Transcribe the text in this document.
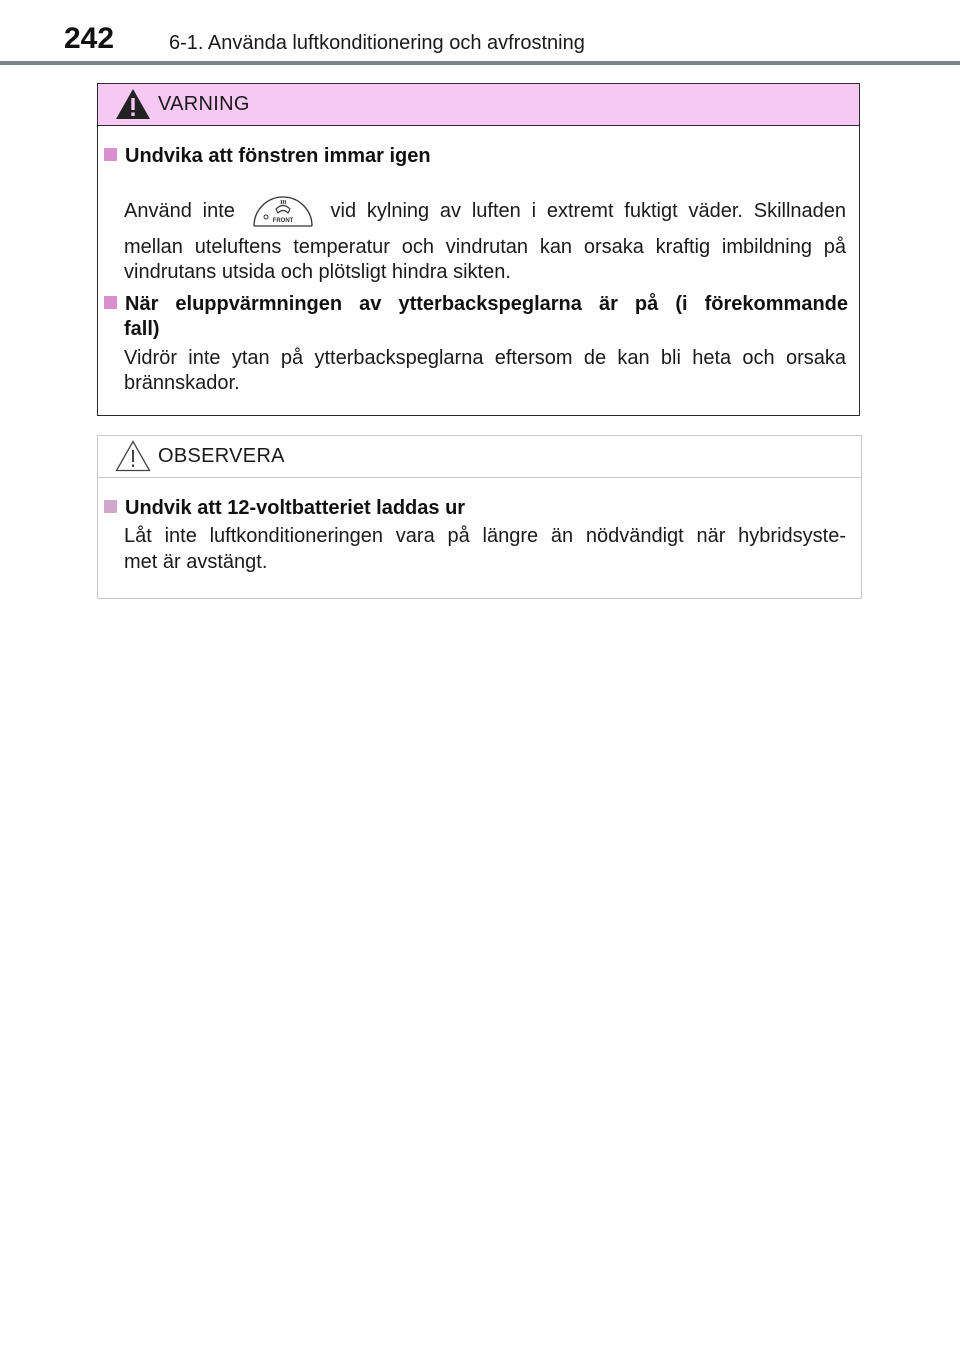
242	6-1. Använda luftkonditionering och avfrostning
VARNING
Undvika att fönstren immar igen
Använd inte	FRONT vid kylning av luften i extremt fuktigt väder. Skillnaden
mellan uteluftens temperatur och vindrutan kan orsaka kraftig imbildning på
vindrutans utsida och plötsligt hindra sikten.
När eluppvärmningen av ytterbackspeglarna är på (i förekommande
fall)
Vidrör inte ytan på ytterbackspeglarna eftersom de kan bli heta och orsaka
brännskador.
OBSERVERA
Undvik att 12-voltbatteriet laddas ur
Låt inte luftkonditioneringen vara på längre än nödvändigt när hybridsyste-
met är avstängt.
